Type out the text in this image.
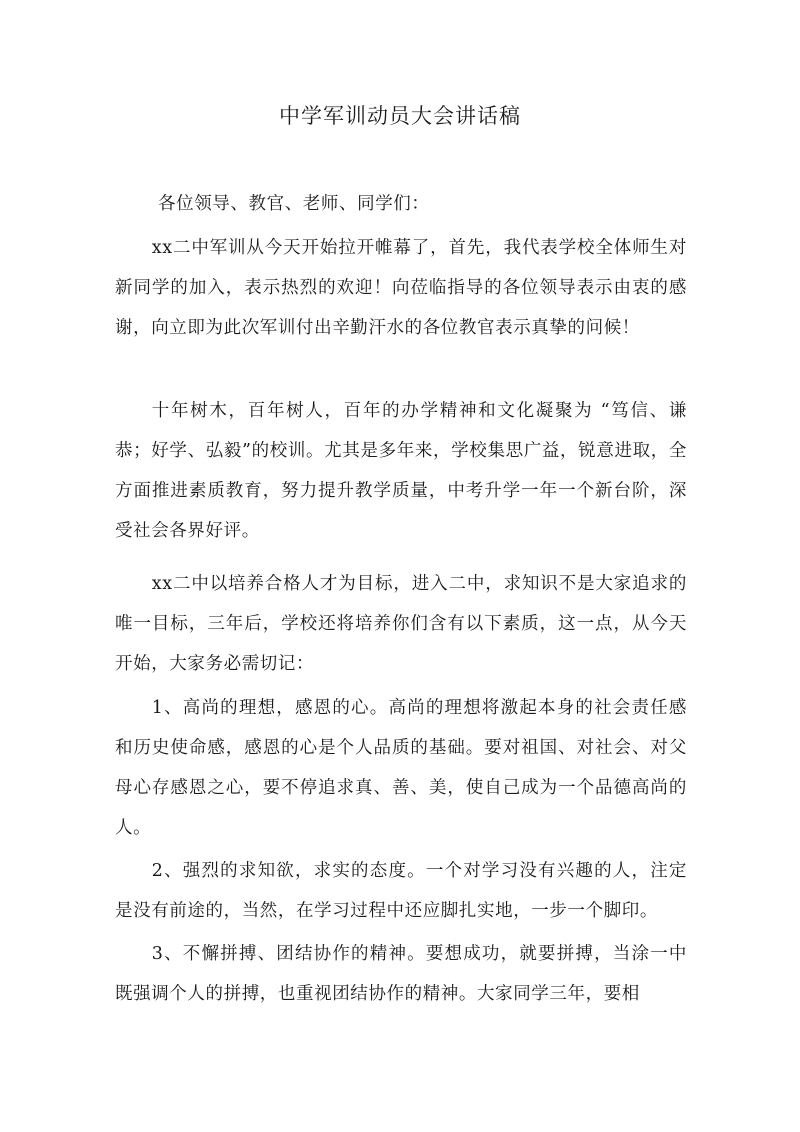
中学军训动员大会讲话稿

各位领导、教官、老师、同学们：

xx二中军训从今天开始拉开帷幕了，首先，我代表学校全体师生对新同学的加入，表示热烈的欢迎！向莅临指导的各位领导表示由衷的感谢，向立即为此次军训付出辛勤汗水的各位教官表示真挚的问候！

十年树木，百年树人，百年的办学精神和文化凝聚为 “笃信、谦恭；好学、弘毅”的校训。尤其是多年来，学校集思广益，锐意进取，全方面推进素质教育，努力提升教学质量，中考升学一年一个新台阶，深受社会各界好评。

xx二中以培养合格人才为目标，进入二中，求知识不是大家追求的唯一目标，三年后，学校还将培养你们含有以下素质，这一点，从今天开始，大家务必需切记：

1、高尚的理想，感恩的心。高尚的理想将激起本身的社会责任感和历史使命感，感恩的心是个人品质的基础。要对祖国、对社会、对父母心存感恩之心，要不停追求真、善、美，使自己成为一个品德高尚的人。

2、强烈的求知欲，求实的态度。一个对学习没有兴趣的人，注定是没有前途的，当然，在学习过程中还应脚扎实地，一步一个脚印。

3、不懈拼搏、团结协作的精神。要想成功，就要拼搏，当涂一中既强调个人的拼搏，也重视团结协作的精神。大家同学三年，要相
